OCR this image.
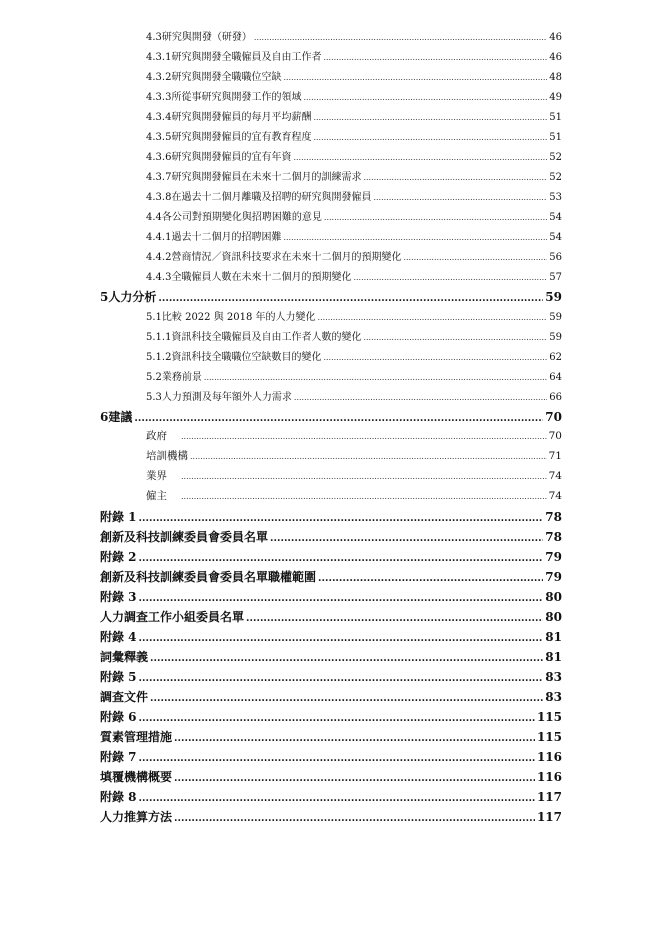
4.3 研究與開發（研發） .....	46
4.3.1 研究與開發全職僱員及自由工作者 .....	46
4.3.2 研究與開發全職職位空缺 .....	48
4.3.3 所從事研究與開發工作的領域 .....	49
4.3.4 研究與開發僱員的每月平均薪酬 .....	51
4.3.5 研究與開發僱員的宜有教育程度 .....	51
4.3.6 研究與開發僱員的宜有年資 .....	52
4.3.7 研究與開發僱員在未來十二個月的訓練需求 .....	52
4.3.8 在過去十二個月離職及招聘的研究與開發僱員 .....	53
4.4 各公司對預期變化與招聘困難的意見 .....	54
4.4.1 過去十二個月的招聘困難 .....	54
4.4.2 營商情況／資訊科技要求在未來十二個月的預期變化 .....	56
4.4.3 全職僱員人數在未來十二個月的預期變化 .....	57
5 人力分析 .....	59
5.1 比較 2022 與 2018 年的人力變化 .....	59
5.1.1 資訊科技全職僱員及自由工作者人數的變化 .....	59
5.1.2 資訊科技全職職位空缺數目的變化 .....	62
5.2 業務前景 .....	64
5.3 人力預測及每年額外人力需求 .....	66
6 建議 .....	70
政府 .....	70
培訓機構 .....	71
業界 .....	74
僱主 .....	74
附錄 1 .....	78
創新及科技訓練委員會委員名單 .....	78
附錄 2 .....	79
創新及科技訓練委員會委員名單職權範圍 .....	79
附錄 3 .....	80
人力調查工作小組委員名單 .....	80
附錄 4 .....	81
詞彙釋義 .....	81
附錄 5 .....	83
調查文件 .....	83
附錄 6 .....	115
質素管理措施 .....	115
附錄 7 .....	116
填覆機構概要 .....	116
附錄 8 .....	117
人力推算方法 .....	117
